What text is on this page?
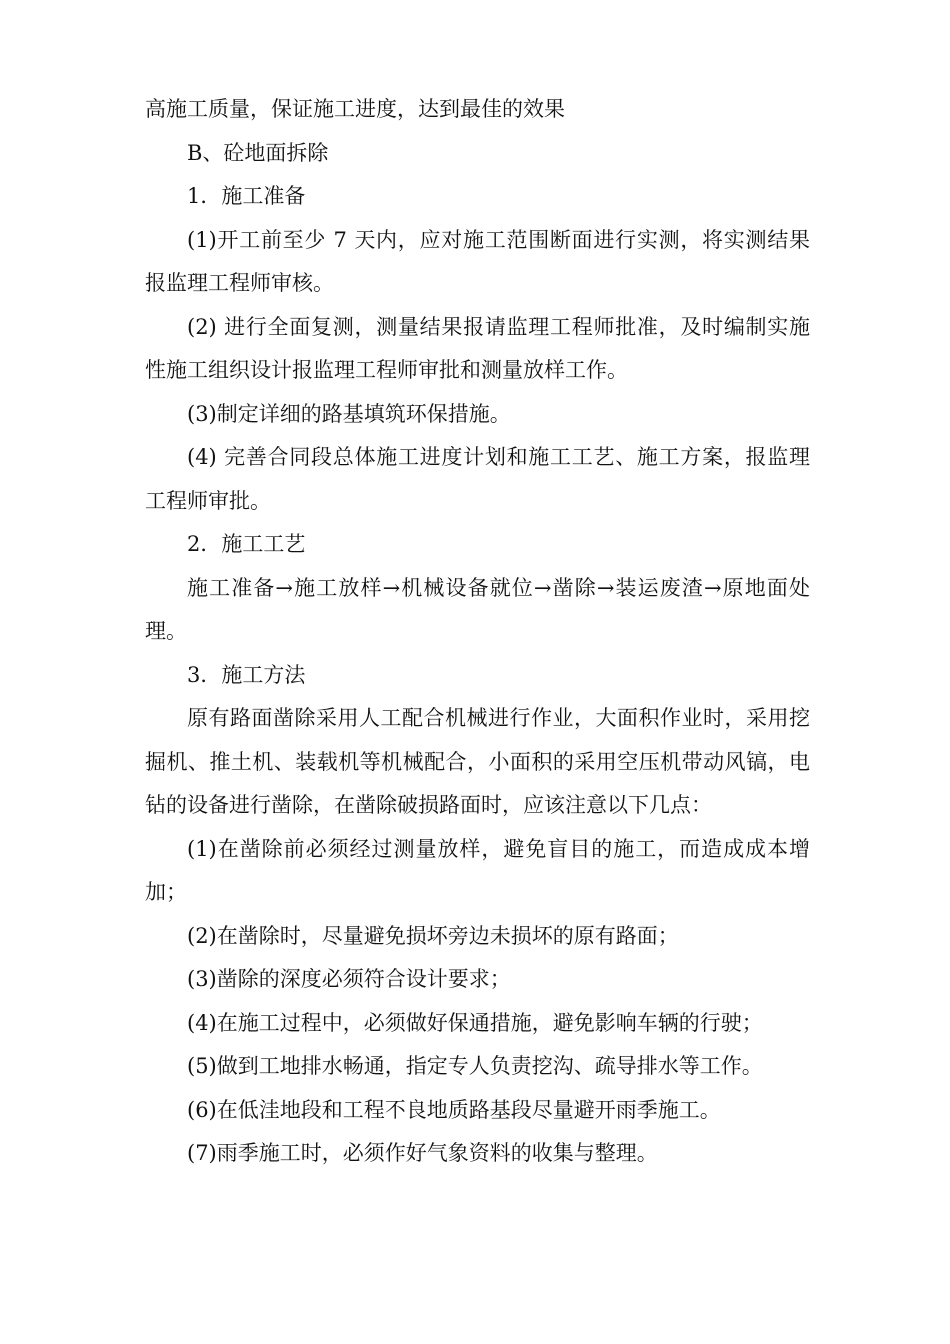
高施工质量，保证施工进度，达到最佳的效果

B、砼地面拆除

1．施工准备

(1)开工前至少 7 天内，应对施工范围断面进行实测，将实测结果报监理工程师审核。

(2) 进行全面复测，测量结果报请监理工程师批准，及时编制实施性施工组织设计报监理工程师审批和测量放样工作。

(3)制定详细的路基填筑环保措施。

(4) 完善合同段总体施工进度计划和施工工艺、施工方案，报监理工程师审批。

2．施工工艺

施工准备→施工放样→机械设备就位→凿除→装运废渣→原地面处理。

3．施工方法

原有路面凿除采用人工配合机械进行作业，大面积作业时，采用挖掘机、推土机、装载机等机械配合，小面积的采用空压机带动风镐，电钻的设备进行凿除，在凿除破损路面时，应该注意以下几点：

(1)在凿除前必须经过测量放样，避免盲目的施工，而造成成本增加；

(2)在凿除时，尽量避免损坏旁边未损坏的原有路面；

(3)凿除的深度必须符合设计要求；

(4)在施工过程中，必须做好保通措施，避免影响车辆的行驶；

(5)做到工地排水畅通，指定专人负责挖沟、疏导排水等工作。

(6)在低洼地段和工程不良地质路基段尽量避开雨季施工。

(7)雨季施工时，必须作好气象资料的收集与整理。
